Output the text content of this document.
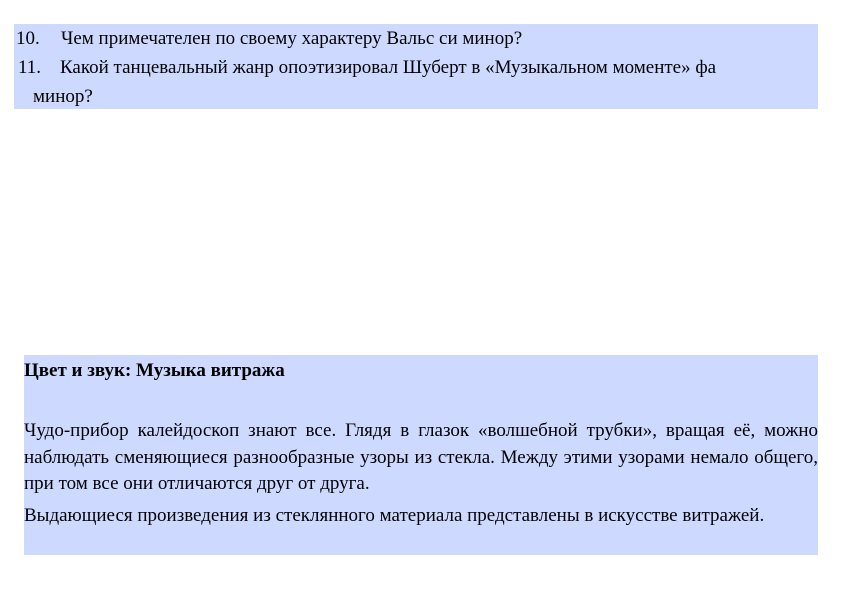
10. Чем примечателен по своему характеру Вальс си минор?
11. Какой танцевальный жанр опоэтизировал Шуберт в «Музыкальном моменте» фа
минор?
Цвет и звук: Музыка витража
Чудо-прибор калейдоскоп знают все. Глядя в глазок «волшебной трубки», вращая её, можно наблюдать сменяющиеся разнообразные узоры из стекла. Между этими узорами немало общего, при том все они отличаются друг от друга.
Выдающиеся произведения из стеклянного материала представлены в искусстве витражей.
